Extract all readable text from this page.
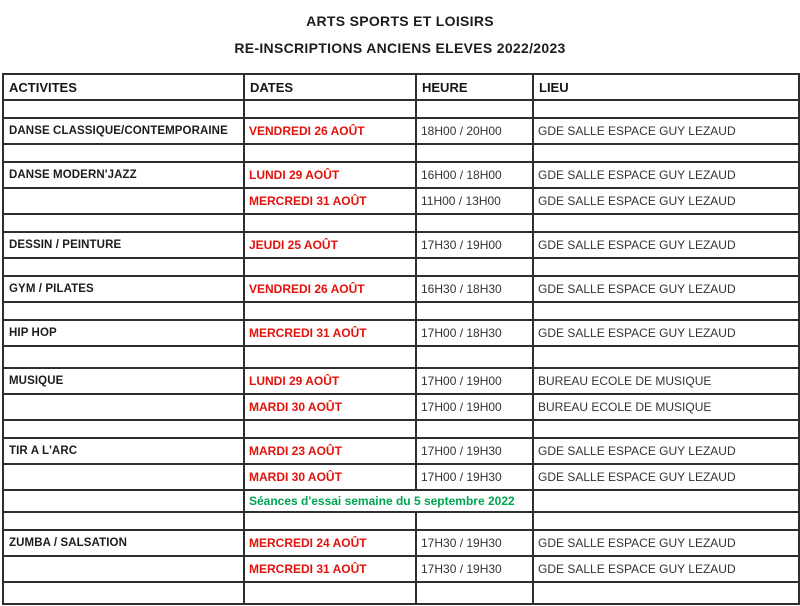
ARTS SPORTS ET LOISIRS
RE-INSCRIPTIONS ANCIENS ELEVES 2022/2023
ACTIVITES	DATES	HEURE	LIEU

DANSE CLASSIQUE/CONTEMPORAINE	VENDREDI 26 AOÛT	18H00 / 20H00	GDE SALLE ESPACE GUY LEZAUD

DANSE MODERN'JAZZ	LUNDI 29 AOÛT	16H00 / 18H00	GDE SALLE ESPACE GUY LEZAUD
	MERCREDI 31 AOÛT	11H00 / 13H00	GDE SALLE ESPACE GUY LEZAUD

DESSIN / PEINTURE	JEUDI 25 AOÛT	17H30 / 19H00	GDE SALLE ESPACE GUY LEZAUD

GYM / PILATES	VENDREDI 26 AOÛT	16H30 / 18H30	GDE SALLE ESPACE GUY LEZAUD

HIP HOP	MERCREDI 31 AOÛT	17H00 / 18H30	GDE SALLE ESPACE GUY LEZAUD

MUSIQUE	LUNDI 29 AOÛT	17H00 / 19H00	BUREAU ECOLE DE MUSIQUE
	MARDI 30 AOÛT	17H00 / 19H00	BUREAU ECOLE DE MUSIQUE

TIR A L'ARC	MARDI 23 AOÛT	17H00 / 19H30	GDE SALLE ESPACE GUY LEZAUD
	MARDI 30 AOÛT	17H00 / 19H30	GDE SALLE ESPACE GUY LEZAUD
	Séances d'essai semaine du 5 septembre 2022		

ZUMBA / SALSATION	MERCREDI 24 AOÛT	17H30 / 19H30	GDE SALLE ESPACE GUY LEZAUD
	MERCREDI 31 AOÛT	17H30 / 19H30	GDE SALLE ESPACE GUY LEZAUD
